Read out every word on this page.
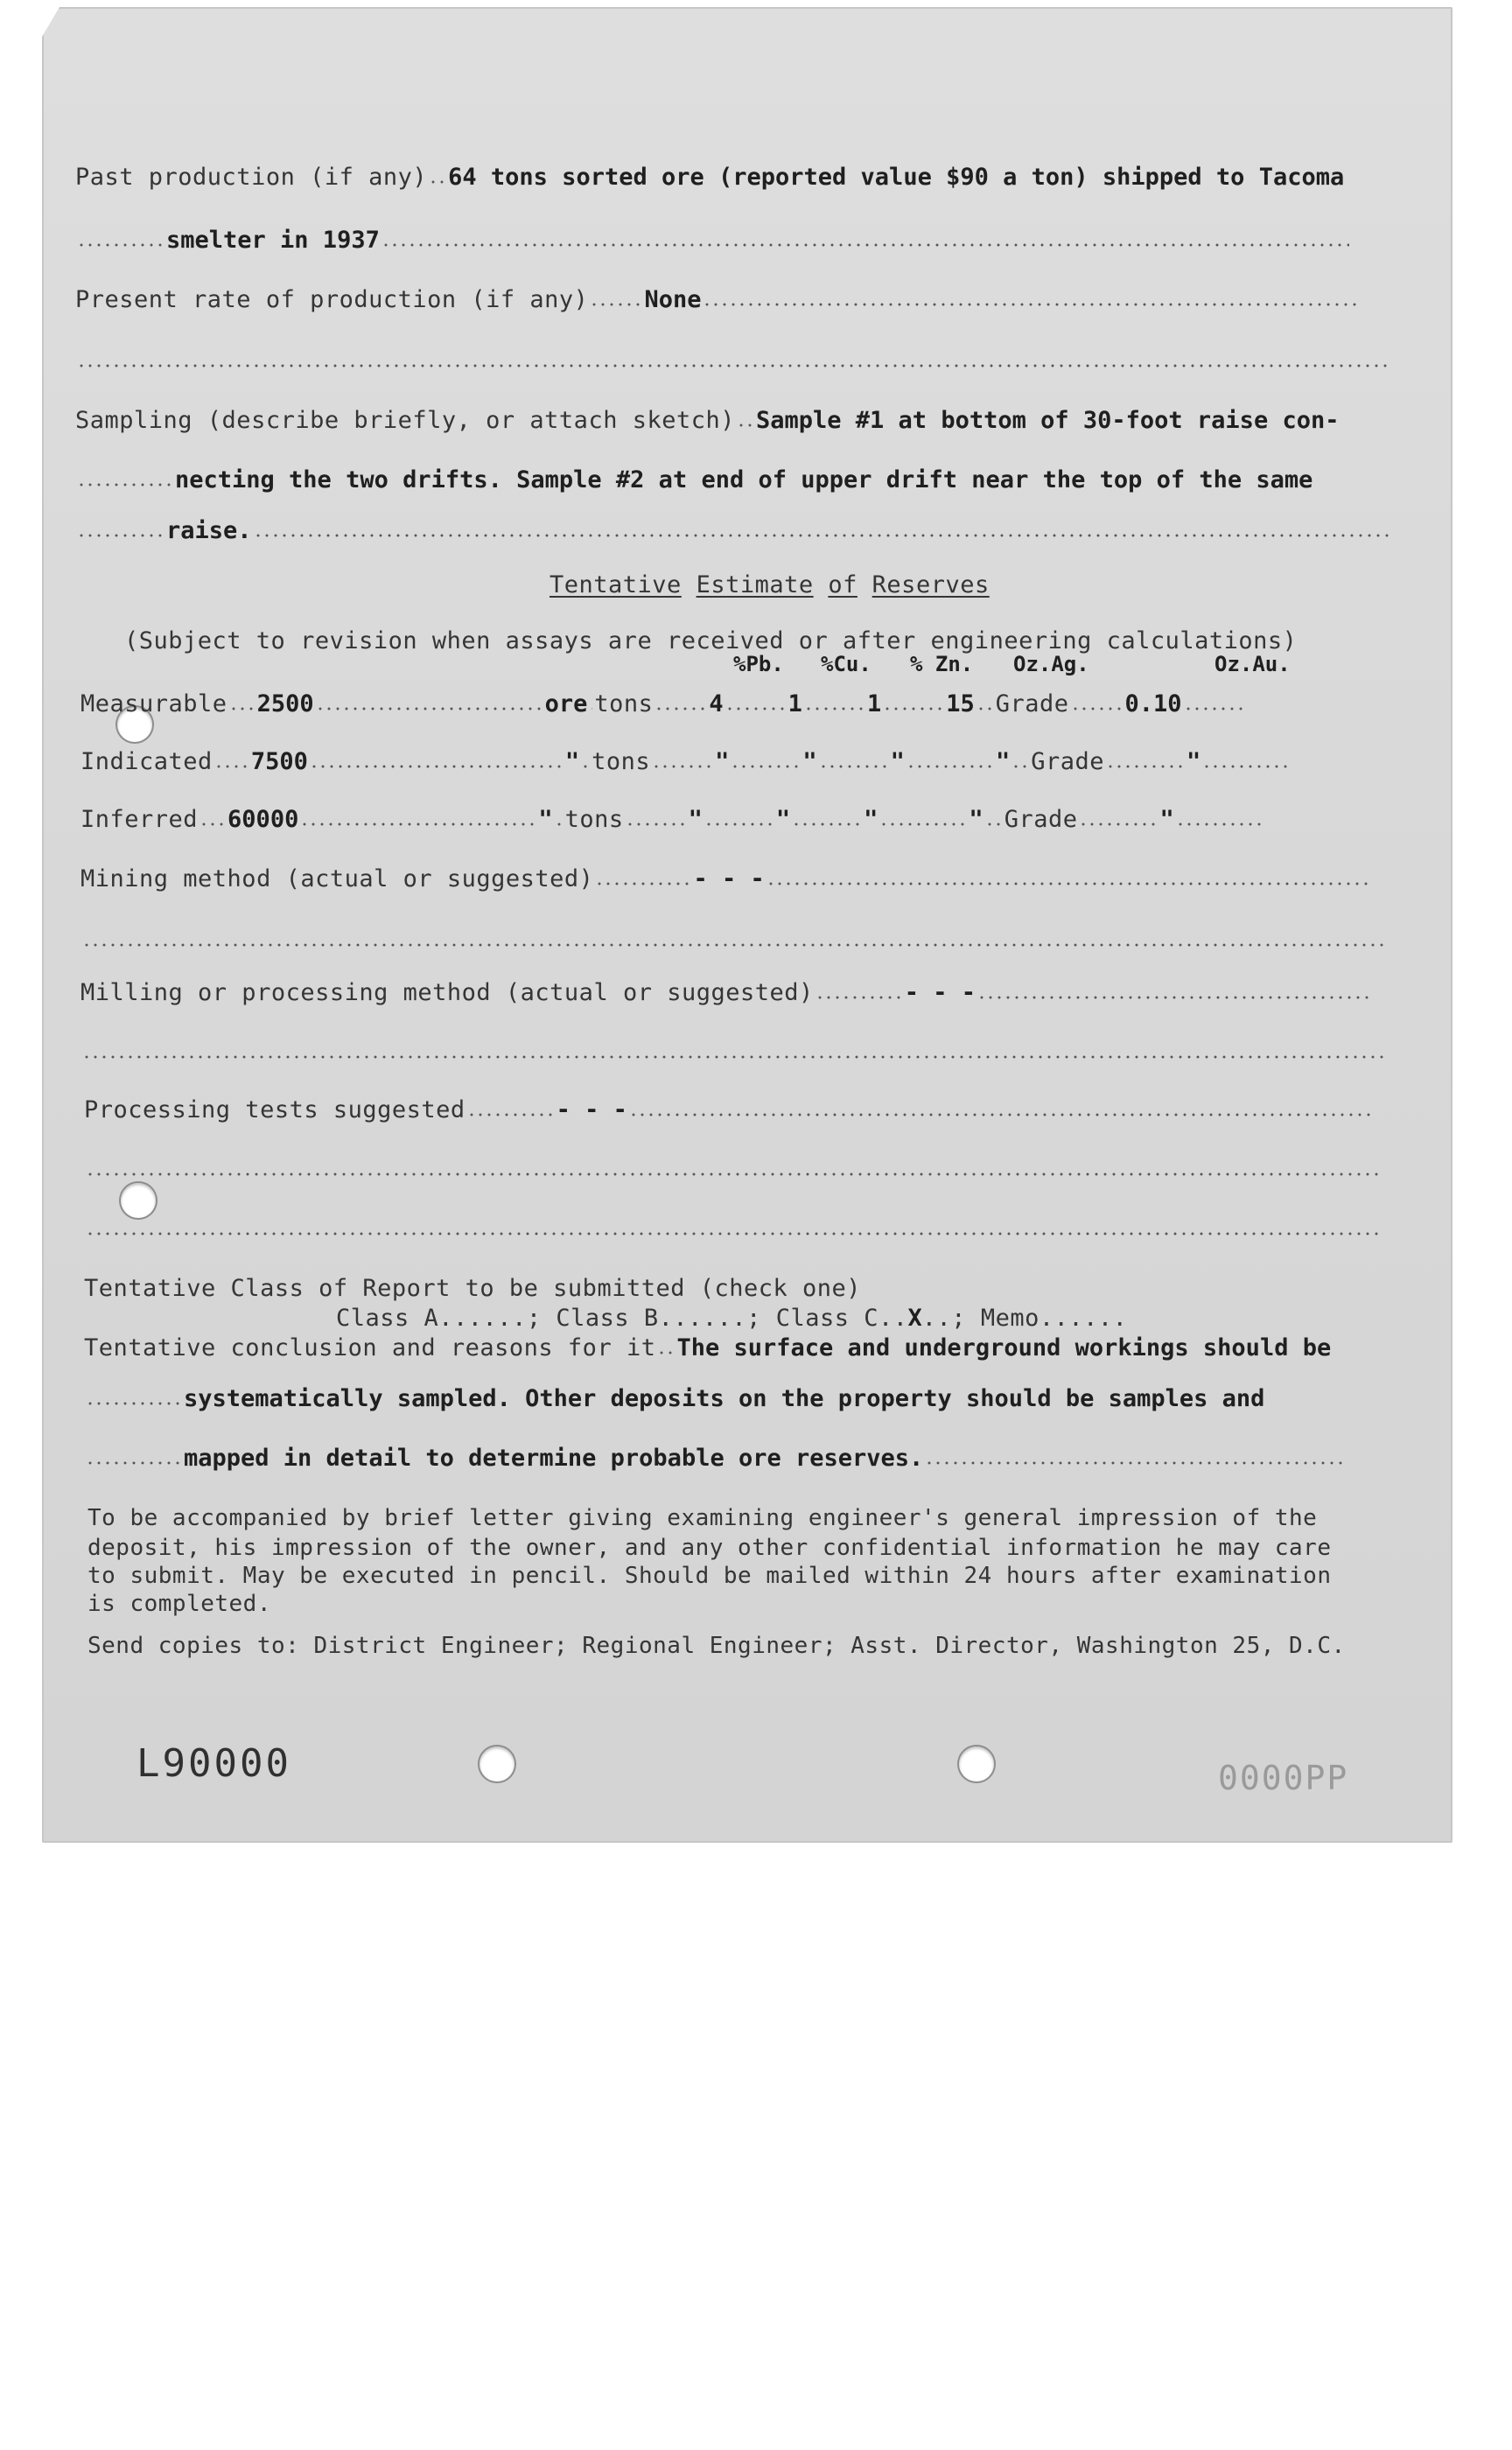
Past production (if any) 64 tons sorted ore (reported value $90 a ton) shipped to Tacoma
smelter in 1937
Present rate of production (if any) None
Sampling (describe briefly, or attach sketch) Sample #1 at bottom of 30-foot raise con-
necting the two drifts. Sample #2 at end of upper drift near the top of the same
raise.
Tentative Estimate of Reserves
(Subject to revision when assays are received or after engineering calculations)
%Pb. %Cu. % Zn. Oz.Ag.	Oz.Au.
Measurable 2500	ore tons 4	1	1	15 Grade 0.10
Indicated 7500	" tons	"	"	"	" Grade	"
Inferred 60000	" tons	"	"	"	" Grade	"
Mining method (actual or suggested)	- - -
Milling or processing method (actual or suggested)	- - -
Processing tests suggested	- - -
Tentative Class of Report to be submitted (check one)
Class A......; Class B......; Class C..X..; Memo......
Tentative conclusion and reasons for it The surface and underground workings should be
systematically sampled. Other deposits on the property should be samples and
mapped in detail to determine probable ore reserves.
To be accompanied by brief letter giving examining engineer's general impression of the
deposit, his impression of the owner, and any other confidential information he may care
to submit. May be executed in pencil. Should be mailed within 24 hours after examination
is completed.
Send copies to: District Engineer; Regional Engineer; Asst. Director, Washington 25, D.C.
L90000	0000PP
